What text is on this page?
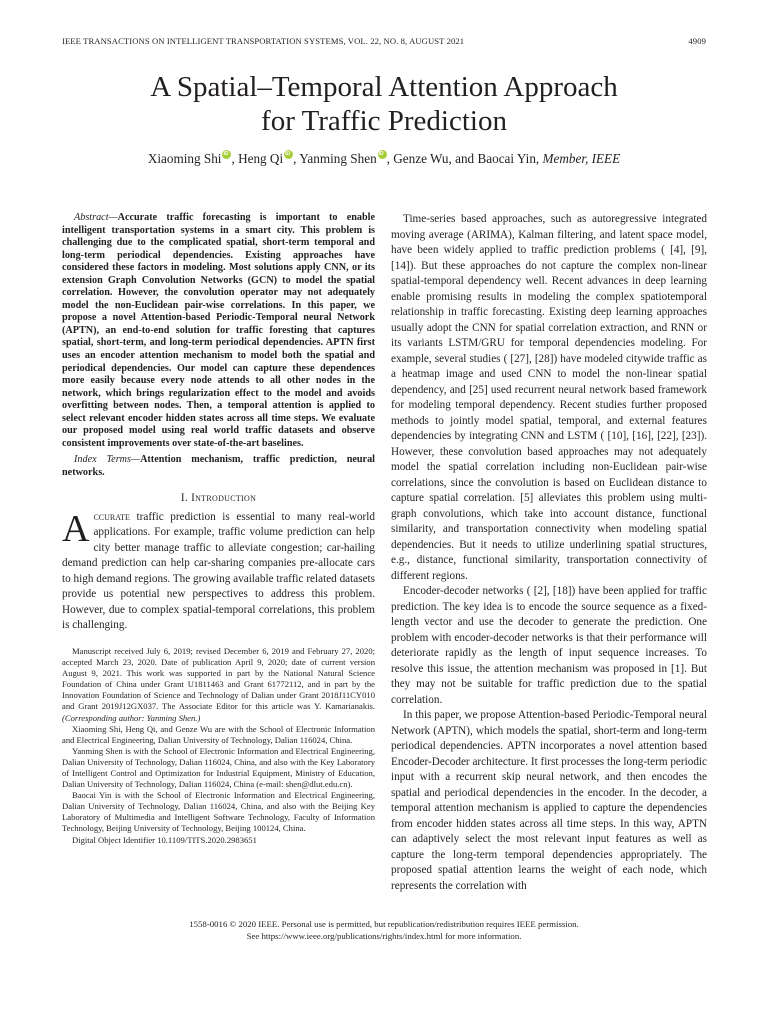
IEEE TRANSACTIONS ON INTELLIGENT TRANSPORTATION SYSTEMS, VOL. 22, NO. 8, AUGUST 2021	4909
A Spatial–Temporal Attention Approach
for Traffic Prediction
Xiaoming Shi iD , Heng Qi iD , Yanming Shen iD , Genze Wu, and Baocai Yin, Member, IEEE

Abstract—Accurate traffic forecasting is important to enable intelligent transportation systems in a smart city. This problem is challenging due to the complicated spatial, short-term temporal and long-term periodical dependencies. Existing approaches have considered these factors in modeling. Most solutions apply CNN, or its extension Graph Convolution Networks (GCN) to model the spatial correlation. However, the convolution operator may not adequately model the non-Euclidean pair-wise correlations. In this paper, we propose a novel Attention-based Periodic-Temporal neural Network (APTN), an end-to-end solution for traffic foresting that captures spatial, short-term, and long-term periodical dependencies. APTN first uses an encoder attention mechanism to model both the spatial and periodical dependencies. Our model can capture these dependences more easily because every node attends to all other nodes in the network, which brings regularization effect to the model and avoids overfitting between nodes. Then, a temporal attention is applied to select relevant encoder hidden states across all time steps. We evaluate our proposed model using real world traffic datasets and observe consistent improvements over state-of-the-art baselines.

Index Terms—Attention mechanism, traffic prediction, neural networks.

I. Introduction

Accurate traffic prediction is essential to many real-world applications. For example, traffic volume prediction can help city better manage traffic to alleviate congestion; car-hailing demand prediction can help car-sharing companies pre-allocate cars to high demand regions. The growing available traffic related datasets provide us potential new perspectives to address this problem. However, due to complex spatial-temporal correlations, this problem is challenging.

Manuscript received July 6, 2019; revised December 6, 2019 and February 27, 2020; accepted March 23, 2020. Date of publication April 9, 2020; date of current version August 9, 2021. This work was supported in part by the National Natural Science Foundation of China under Grant U1811463 and Grant 61772112, and in part by the Innovation Foundation of Science and Technology of Dalian under Grant 2018J11CY010 and Grant 2019J12GX037. The Associate Editor for this article was Y. Kamarianakis. (Corresponding author: Yanming Shen.)

Xiaoming Shi, Heng Qi, and Genze Wu are with the School of Electronic Information and Electrical Engineering, Dalian University of Technology, Dalian 116024, China.

Yanming Shen is with the School of Electronic Information and Electrical Engineering, Dalian University of Technology, Dalian 116024, China, and also with the Key Laboratory of Intelligent Control and Optimization for Industrial Equipment, Ministry of Education, Dalian University of Technology, Dalian 116024, China (e-mail: shen@dlut.edu.cn).

Baocai Yin is with the School of Electronic Information and Electrical Engineering, Dalian University of Technology, Dalian 116024, China, and also with the Beijing Key Laboratory of Multimedia and Intelligent Software Technology, Faculty of Information Technology, Beijing University of Technology, Beijing 100124, China.

Digital Object Identifier 10.1109/TITS.2020.2983651

Time-series based approaches, such as autoregressive integrated moving average (ARIMA), Kalman filtering, and latent space model, have been widely applied to traffic prediction problems ( [4], [9], [14]). But these approaches do not capture the complex non-linear spatial-temporal dependency well. Recent advances in deep learning enable promising results in modeling the complex spatiotemporal relationship in traffic forecasting. Existing deep learning approaches usually adopt the CNN for spatial correlation extraction, and RNN or its variants LSTM/GRU for temporal dependencies modeling. For example, several studies ( [27], [28]) have modeled citywide traffic as a heatmap image and used CNN to model the non-linear spatial dependency, and [25] used recurrent neural network based framework for modeling temporal dependency. Recent studies further proposed methods to jointly model spatial, temporal, and external features dependencies by integrating CNN and LSTM ( [10], [16], [22], [23]). However, these convolution based approaches may not adequately model the spatial correlation including non-Euclidean pair-wise correlations, since the convolution is based on Euclidean distance to capture spatial correlation. [5] alleviates this problem using multi-graph convolutions, which take into account distance, functional similarity, and transportation connectivity when modeling spatial dependencies. But it needs to utilize underlining spatial structures, e.g., distance, functional similarity, transportation connectivity of different regions.

Encoder-decoder networks ( [2], [18]) have been applied for traffic prediction. The key idea is to encode the source sequence as a fixed-length vector and use the decoder to generate the prediction. One problem with encoder-decoder networks is that their performance will deteriorate rapidly as the length of input sequence increases. To resolve this issue, the attention mechanism was proposed in [1]. But they may not be suitable for traffic prediction due to the spatial correlation.

In this paper, we propose Attention-based Periodic-Temporal neural Network (APTN), which models the spatial, short-term and long-term periodical dependencies. APTN incorporates a novel attention based Encoder-Decoder architecture. It first processes the long-term periodic input with a recurrent skip neural network, and then encodes the spatial and periodical dependencies in the encoder. In the decoder, a temporal attention mechanism is applied to capture the dependencies from encoder hidden states across all time steps. In this way, APTN can adaptively select the most relevant input features as well as capture the long-term temporal dependencies appropriately. The proposed spatial attention learns the weight of each node, which represents the correlation with

1558-0016 © 2020 IEEE. Personal use is permitted, but republication/redistribution requires IEEE permission.

See https://www.ieee.org/publications/rights/index.html for more information.
